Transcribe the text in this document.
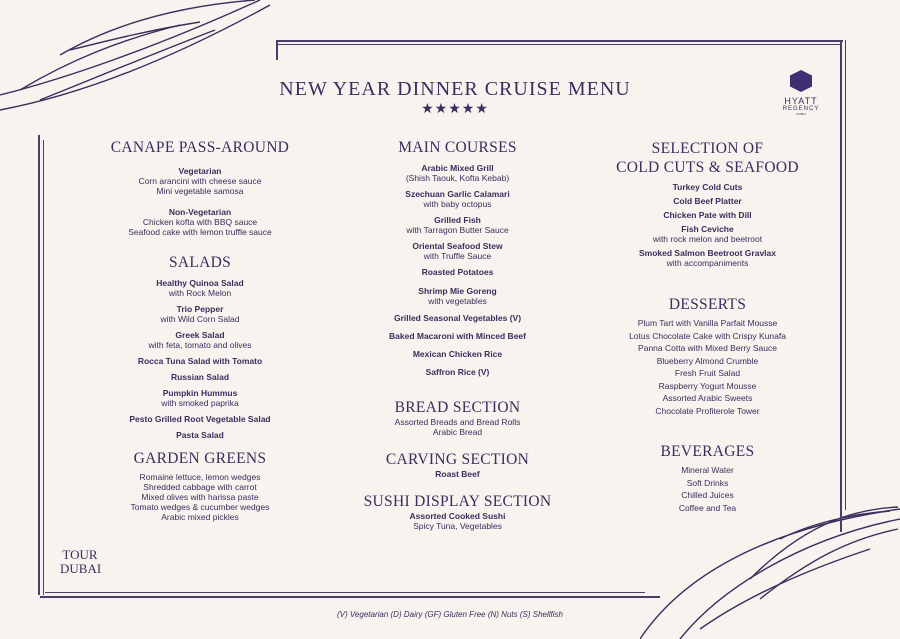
NEW YEAR DINNER CRUISE MENU
★★★★★	HYATT
REGENCY
DUBAI
CANAPE PASS-AROUND
Vegetarian
Corn arancini with cheese sauce
Mini vegetable samosa
Non-Vegetarian
Chicken kofta with BBQ sauce
Seafood cake with lemon truffle sauce
SALADS
Healthy Quinoa Salad
with Rock Melon
Trio Pepper
with Wild Corn Salad
Greek Salad
with feta, tomato and olives
Rocca Tuna Salad with Tomato
Russian Salad
Pumpkin Hummus
with smoked paprika
Pesto Grilled Root Vegetable Salad
Pasta Salad
GARDEN GREENS
Romaine lettuce, lemon wedges
Shredded cabbage with carrot
Mixed olives with harissa paste
Tomato wedges & cucumber wedges
Arabic mixed pickles
MAIN COURSES
Arabic Mixed Grill
(Shish Taouk, Kofta Kebab)
Szechuan Garlic Calamari
with baby octopus
Grilled Fish
with Tarragon Butter Sauce
Oriental Seafood Stew
with Truffle Sauce
Roasted Potatoes
Shrimp Mie Goreng
with vegetables
Grilled Seasonal Vegetables (V)
Baked Macaroni with Minced Beef
Mexican Chicken Rice
Saffron Rice (V)
BREAD SECTION
Assorted Breads and Bread Rolls
Arabic Bread
CARVING SECTION
Roast Beef
SUSHI DISPLAY SECTION
Assorted Cooked Sushi
Spicy Tuna, Vegetables
SELECTION OF
COLD CUTS & SEAFOOD
Turkey Cold Cuts
Cold Beef Platter
Chicken Pate with Dill
Fish Ceviche
with rock melon and beetroot
Smoked Salmon Beetroot Gravlax
with accompaniments
DESSERTS
Plum Tart with Vanilla Parfait Mousse
Lotus Chocolate Cake with Crispy Kunafa
Panna Cotta with Mixed Berry Sauce
Blueberry Almond Crumble
Fresh Fruit Salad
Raspberry Yogurt Mousse
Assorted Arabic Sweets
Chocolate Profiterole Tower
BEVERAGES
Mineral Water
Soft Drinks
Chilled Juices
Coffee and Tea
TOUR
DUBAI
(V) Vegetarian (D) Dairy (GF) Gluten Free (N) Nuts (S) Shellfish
